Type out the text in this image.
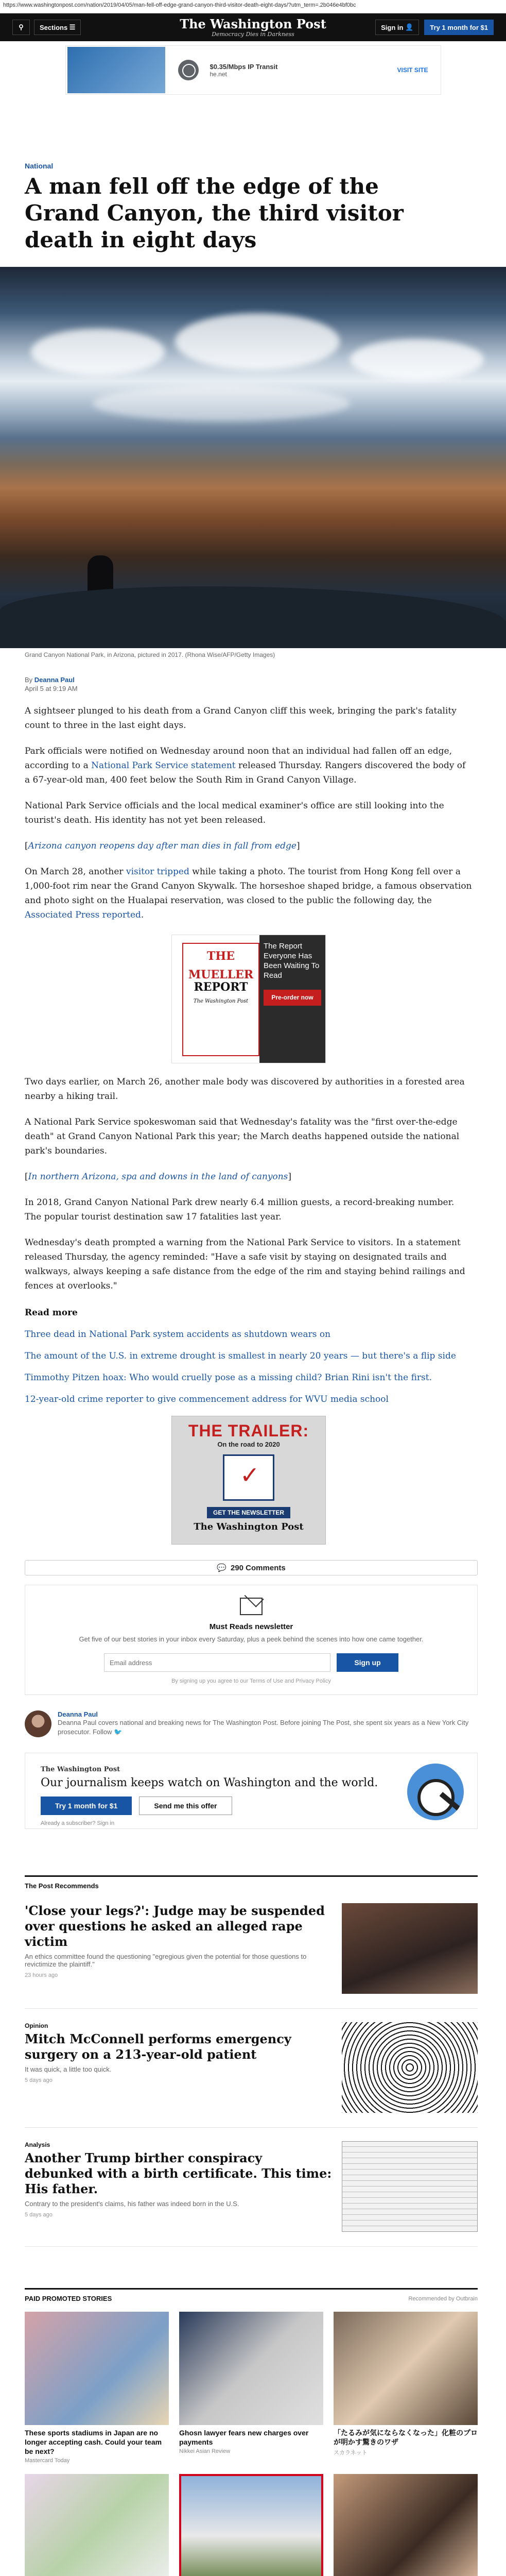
https://www.washingtonpost.com/nation/2019/04/05/man-fell-off-edge-grand-canyon-third-visitor-death-eight-days/?utm_term=.2b046e4bf0bc
⚲	Sections ☰	The Washington Post
Democracy Dies in Darkness
Sign in 👤	Try 1 month for $1
$0.35/Mbps IP Transit
he.net
VISIT SITE
National
A man fell off the edge of the Grand Canyon, the third visitor death in eight days
Grand Canyon National Park, in Arizona, pictured in 2017. (Rhona Wise/AFP/Getty Images)
By Deanna Paul
April 5 at 9:19 AM

A sightseer plunged to his death from a Grand Canyon cliff this week, bringing the park's fatality count to three in the last eight days.

Park officials were notified on Wednesday around noon that an individual had fallen off an edge, according to a National Park Service statement released Thursday. Rangers discovered the body of a 67-year-old man, 400 feet below the South Rim in Grand Canyon Village.

National Park Service officials and the local medical examiner's office are still looking into the tourist's death. His identity has not yet been released.

[Arizona canyon reopens day after man dies in fall from edge]

On March 28, another visitor tripped while taking a photo. The tourist from Hong Kong fell over a 1,000-foot rim near the Grand Canyon Skywalk. The horseshoe shaped bridge, a famous observation and photo sight on the Hualapai reservation, was closed to the public the following day, the Associated Press reported.

THE
MUELLER
REPORT
The Washington Post
The Report Everyone Has Been Waiting To Read
Pre-order now

Two days earlier, on March 26, another male body was discovered by authorities in a forested area nearby a hiking trail.

A National Park Service spokeswoman said that Wednesday's fatality was the "first over-the-edge death" at Grand Canyon National Park this year; the March deaths happened outside the national park's boundaries.

[In northern Arizona, spa and downs in the land of canyons]

In 2018, Grand Canyon National Park drew nearly 6.4 million guests, a record-breaking number. The popular tourist destination saw 17 fatalities last year.

Wednesday's death prompted a warning from the National Park Service to visitors. In a statement released Thursday, the agency reminded: "Have a safe visit by staying on designated trails and walkways, always keeping a safe distance from the edge of the rim and staying behind railings and fences at overlooks."

Read more
Three dead in National Park system accidents as shutdown wears on
The amount of the U.S. in extreme drought is smallest in nearly 20 years — but there's a flip side
Timmothy Pitzen hoax: Who would cruelly pose as a missing child? Brian Rini isn't the first.
12-year-old crime reporter to give commencement address for WVU media school
THE TRAILER:
On the road to 2020
✓
GET THE NEWSLETTER
The Washington Post
💬 290 Comments
Must Reads newsletter
Get five of our best stories in your inbox every Saturday, plus a peek behind the scenes into how one came together.
Email address
Sign up
By signing up you agree to our Terms of Use and Privacy Policy
Deanna Paul
Deanna Paul covers national and breaking news for The Washington Post. Before joining The Post, she spent six years as a New York City prosecutor. Follow 🐦
The Washington Post
Our journalism keeps watch on Washington and the world.
Try 1 month for $1	Send me this offer
Already a subscriber? Sign in
The Post Recommends
'Close your legs?': Judge may be suspended over questions he asked an alleged rape victim
An ethics committee found the questioning "egregious given the potential for those questions to revictimize the plaintiff."
23 hours ago
Opinion
Mitch McConnell performs emergency surgery on a 213-year-old patient
It was quick, a little too quick.
5 days ago
Analysis
Another Trump birther conspiracy debunked with a birth certificate. This time: His father.
Contrary to the president's claims, his father was indeed born in the U.S.
5 days ago
PAID PROMOTED STORIES	Recommended by Outbrain
These sports stadiums in Japan are no longer accepting cash. Could your team be next?
Mastercard Today
Ghosn lawyer fears new charges over payments
Nikkei Asian Review
「たるみが気にならなくなった」化粧のプロが明かす驚きのワザ
スカラネット
